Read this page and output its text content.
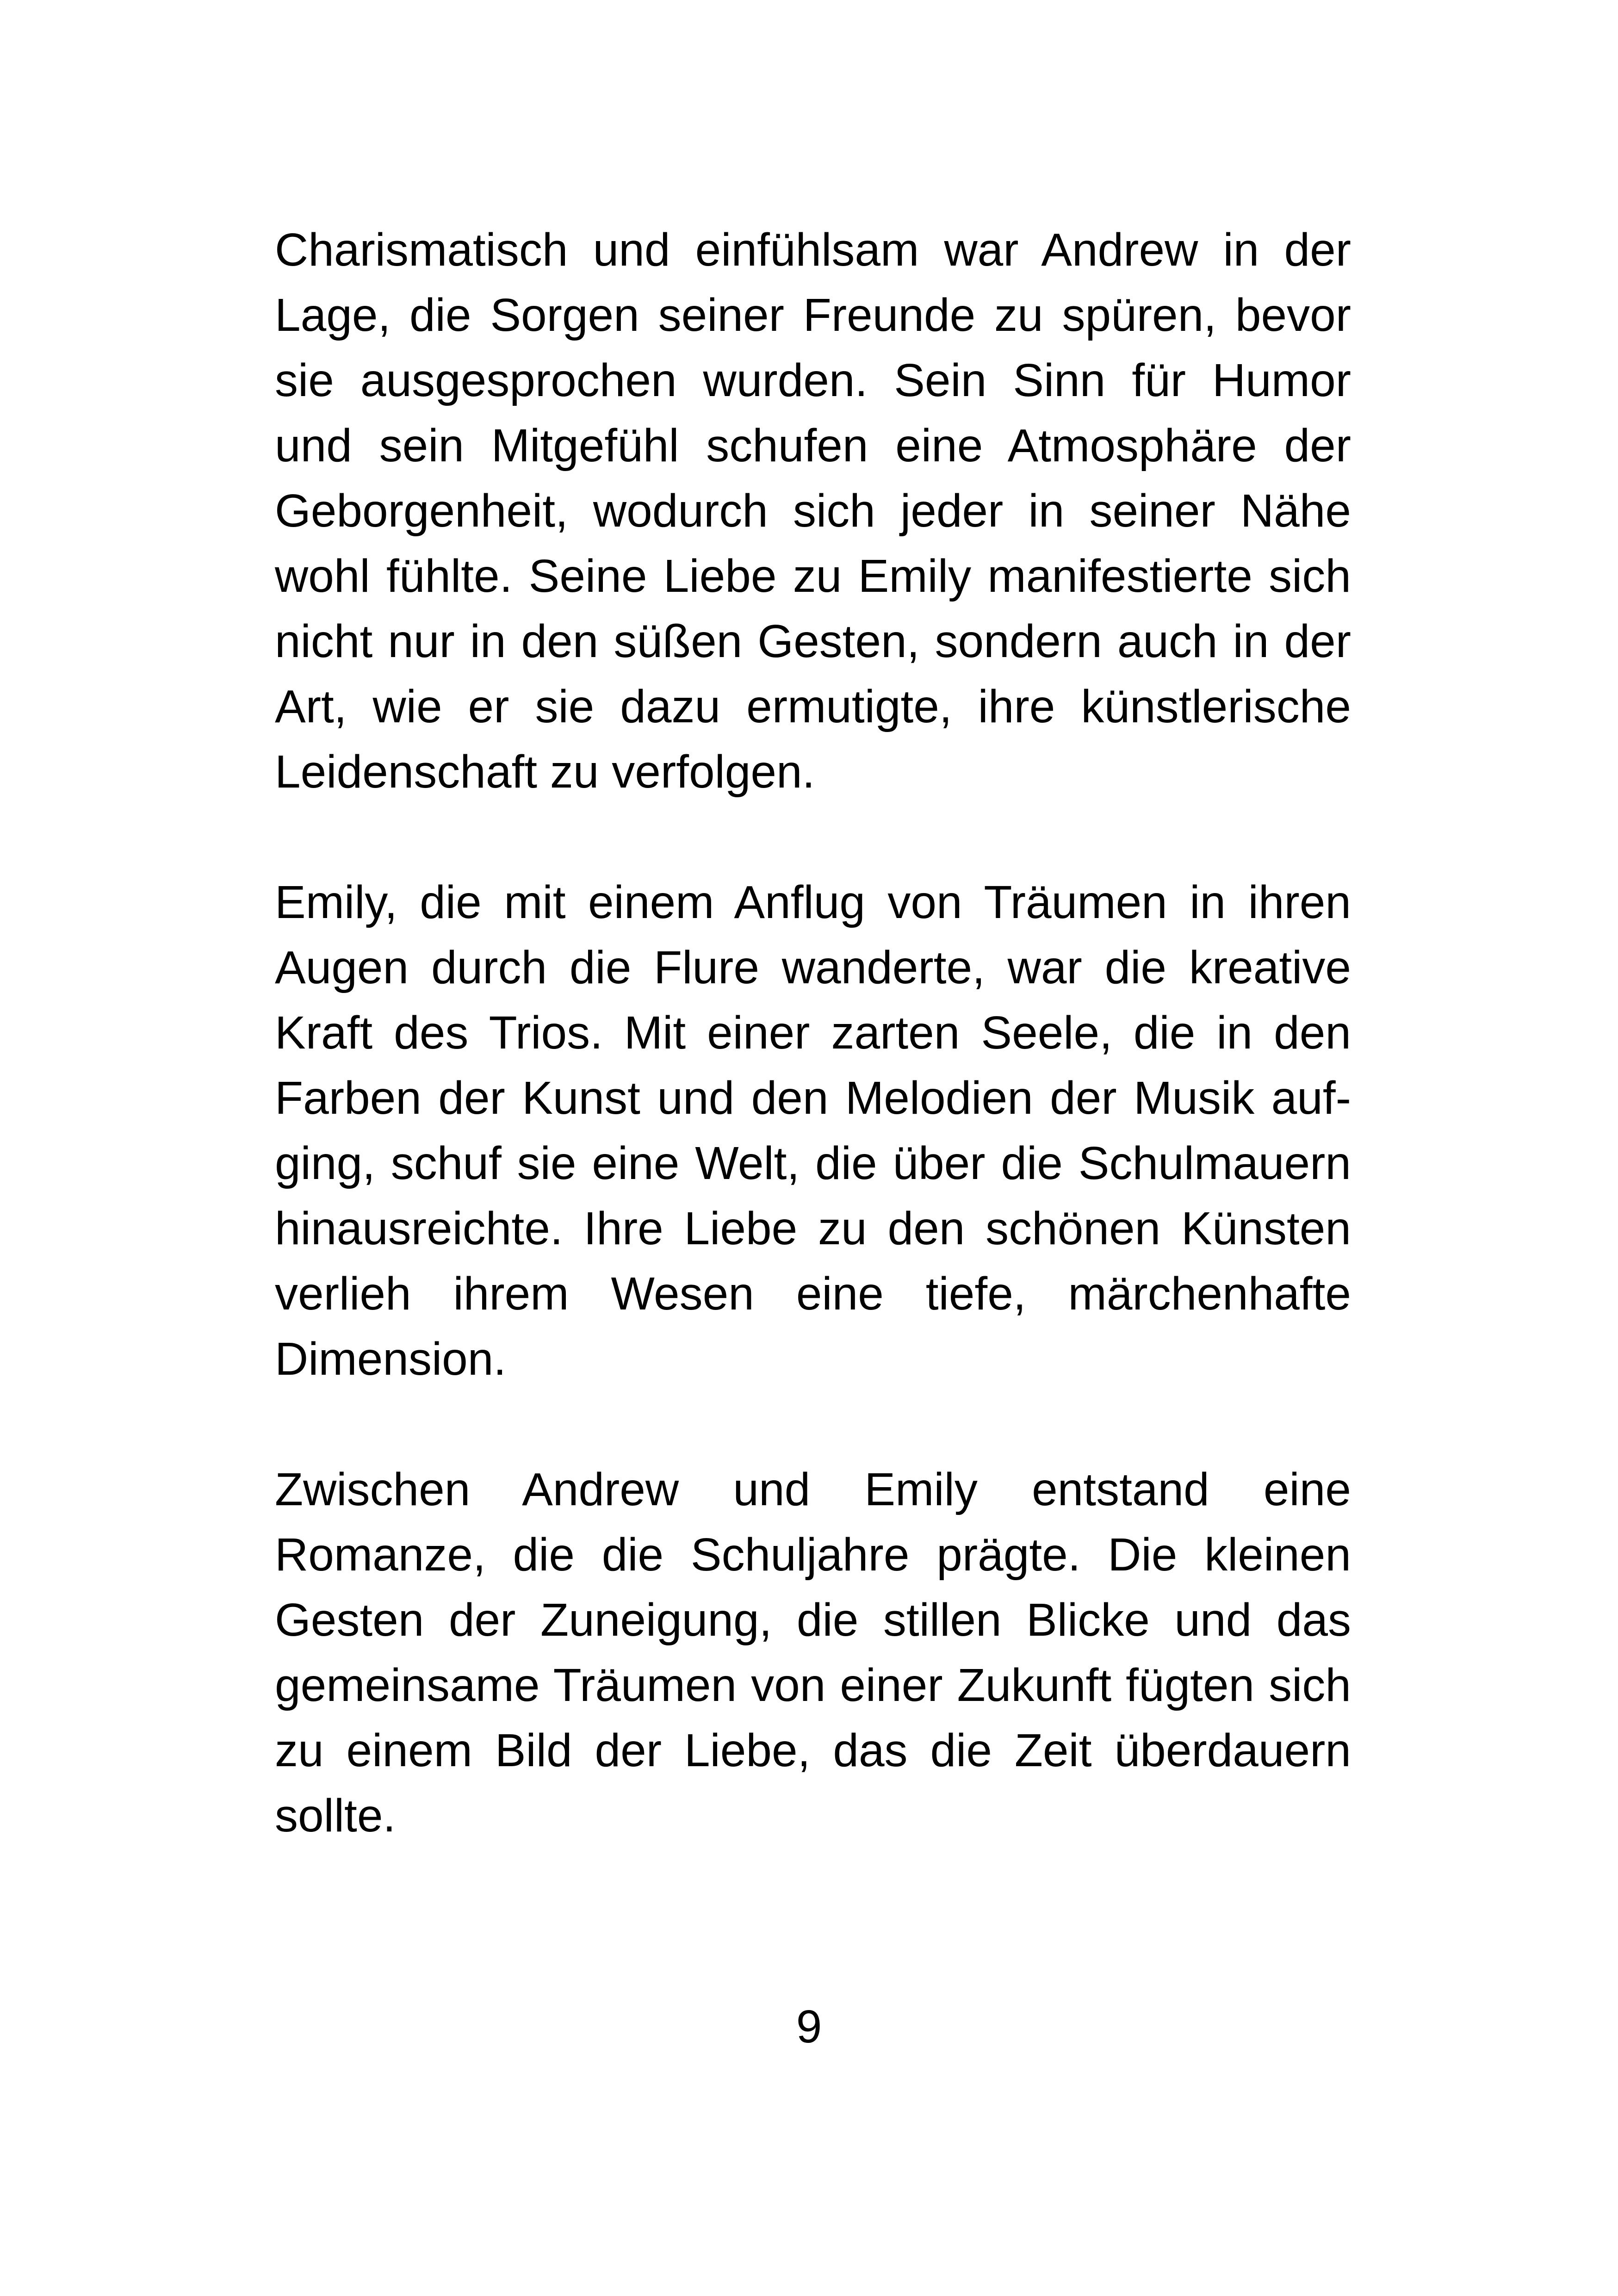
Charismatisch und einfühlsam war Andrew in der Lage, die Sorgen seiner Freunde zu spüren, bevor sie ausgesprochen wurden. Sein Sinn für Humor und sein Mitgefühl schufen eine Atmosphäre der Geborgenheit, wodurch sich jeder in seiner Nähe wohl fühlte. Seine Liebe zu Emily manifestierte sich nicht nur in den süßen Gesten, sondern auch in der Art, wie er sie dazu ermutigte, ihre künstlerische Leidenschaft zu verfolgen.

Emily, die mit einem Anflug von Träumen in ihren Augen durch die Flure wanderte, war die kreative Kraft des Trios. Mit einer zarten Seele, die in den Farben der Kunst und den Melodien der Musik aufging, schuf sie eine Welt, die über die Schulmauern hinausreichte. Ihre Liebe zu den schönen Künsten verlieh ihrem Wesen eine tiefe, märchenhafte Dimension.

Zwischen Andrew und Emily entstand eine Romanze, die die Schuljahre prägte. Die kleinen Gesten der Zuneigung, die stillen Blicke und das gemeinsame Träumen von einer Zukunft fügten sich zu einem Bild der Liebe, das die Zeit überdauern sollte.

9
